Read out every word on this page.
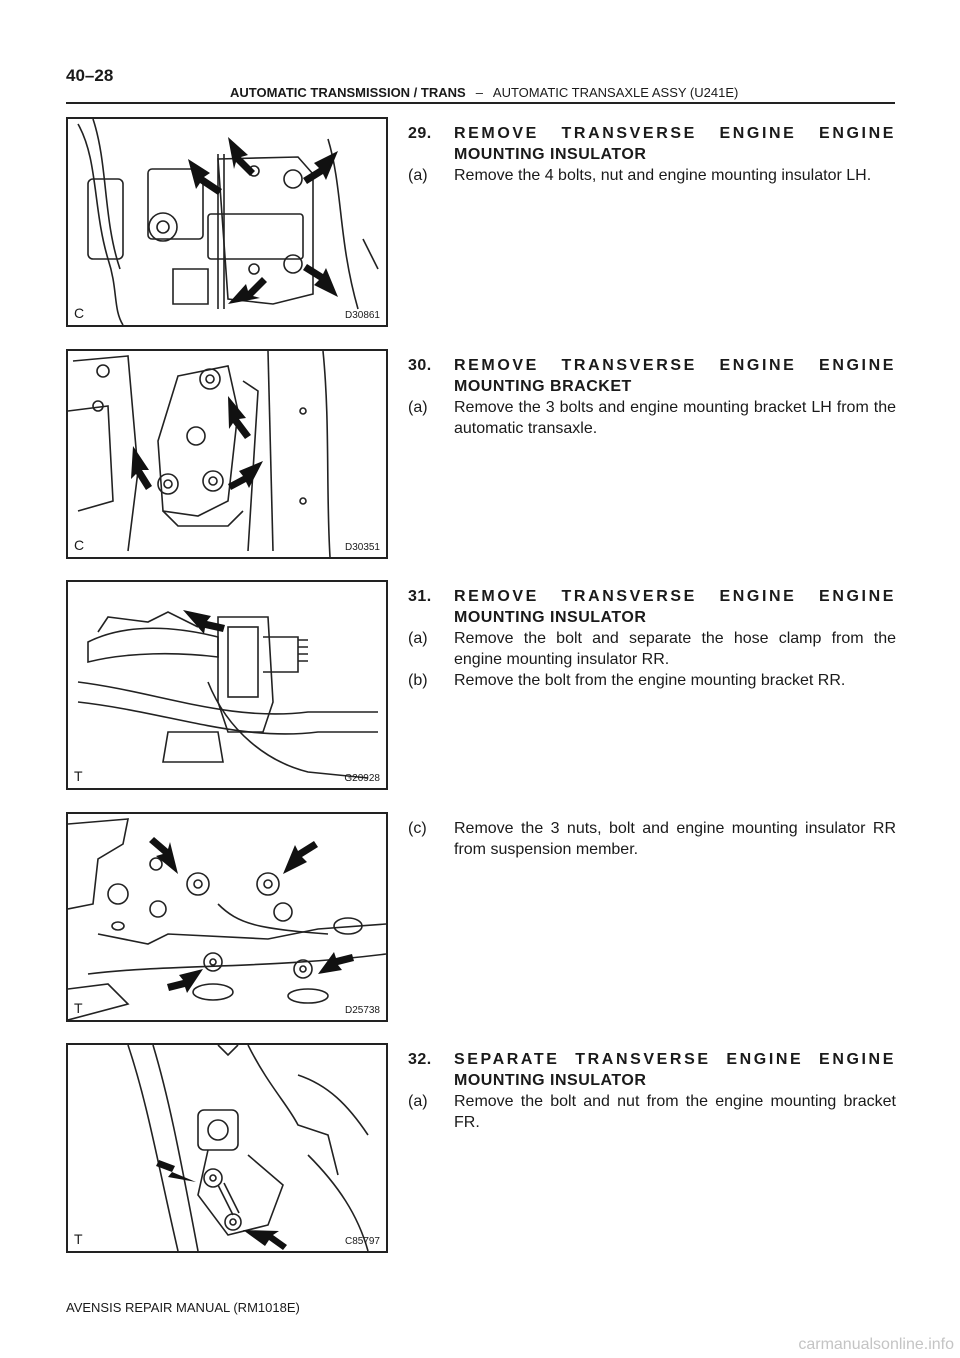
40–28
AUTOMATIC TRANSMISSION / TRANS – AUTOMATIC TRANSAXLE ASSY (U241E)
C	D30861
C	D30351
T	G20928
T	D25738
T	C85797
29. REMOVE TRANSVERSE ENGINE ENGINE
MOUNTING INSULATOR
(a) Remove the 4 bolts, nut and engine mounting insulator LH.
30. REMOVE TRANSVERSE ENGINE ENGINE
MOUNTING BRACKET
(a) Remove the 3 bolts and engine mounting bracket LH from the automatic transaxle.
31. REMOVE TRANSVERSE ENGINE ENGINE
MOUNTING INSULATOR
(a) Remove the bolt and separate the hose clamp from the engine mounting insulator RR.
(b) Remove the bolt from the engine mounting bracket RR.
(c) Remove the 3 nuts, bolt and engine mounting insulator RR from suspension member.
32. SEPARATE TRANSVERSE ENGINE ENGINE
MOUNTING INSULATOR
(a) Remove the bolt and nut from the engine mounting bracket FR.
AVENSIS REPAIR MANUAL (RM1018E)
carmanualsonline.info
